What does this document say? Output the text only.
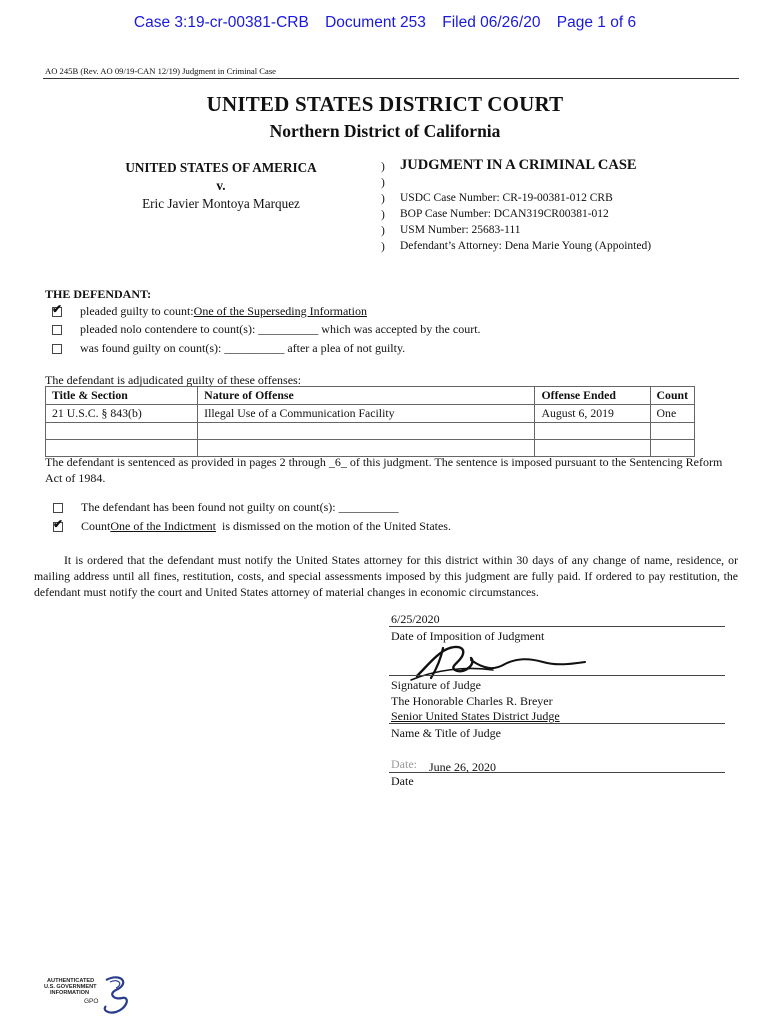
Case 3:19-cr-00381-CRB Document 253 Filed 06/26/20 Page 1 of 6
AO 245B (Rev. AO 09/19-CAN 12/19) Judgment in Criminal Case
UNITED STATES DISTRICT COURT
Northern District of California
UNITED STATES OF AMERICA
v.
Eric Javier Montoya Marquez
)
)
)
)
)
)
JUDGMENT IN A CRIMINAL CASE
USDC Case Number: CR-19-00381-012 CRB
BOP Case Number: DCAN319CR00381-012
USM Number: 25683-111
Defendant’s Attorney: Dena Marie Young (Appointed)
THE DEFENDANT:
✔ pleaded guilty to count: One of the Superseding Information
pleaded nolo contendere to count(s): __________ which was accepted by the court.
was found guilty on count(s): __________ after a plea of not guilty.
The defendant is adjudicated guilty of these offenses:
Title & Section	Nature of Offense	Offense Ended	Count
21 U.S.C. § 843(b)	Illegal Use of a Communication Facility	August 6, 2019	One

The defendant is sentenced as provided in pages 2 through _6_ of this judgment. The sentence is imposed pursuant to the Sentencing Reform Act of 1984.
The defendant has been found not guilty on count(s): __________
✔ Count One of the Indictment is dismissed on the motion of the United States.
It is ordered that the defendant must notify the United States attorney for this district within 30 days of any change of name, residence, or mailing address until all fines, restitution, costs, and special assessments imposed by this judgment are fully paid. If ordered to pay restitution, the defendant must notify the court and United States attorney of material changes in economic circumstances.
6/25/2020
Date of Imposition of Judgment
Signature of Judge
The Honorable Charles R. Breyer
Senior United States District Judge
Name & Title of Judge
Date: June 26, 2020
Date
AUTHENTICATED
U.S. GOVERNMENT
INFORMATION
GPO
